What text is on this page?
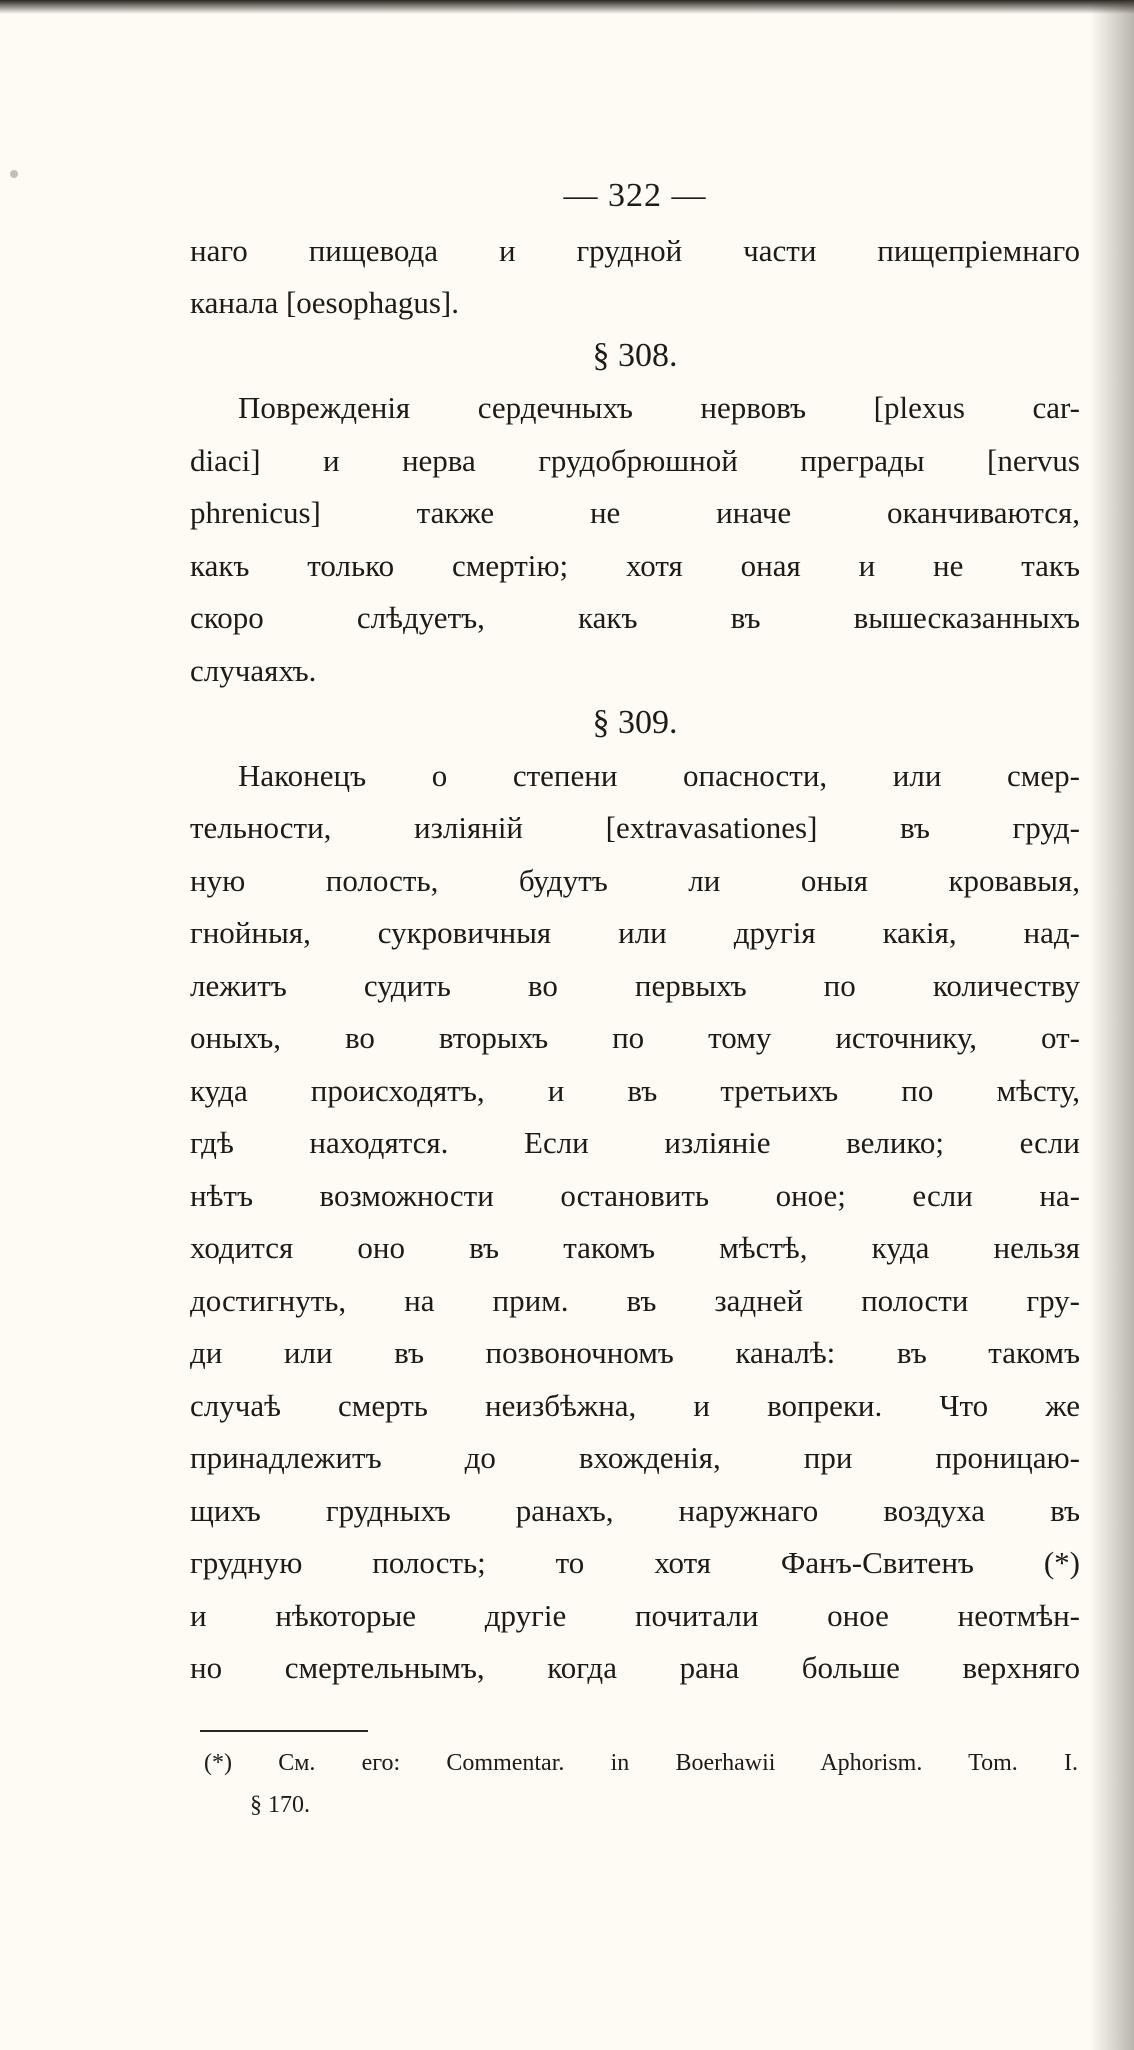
— 322 —
наго пищевода и грудной части пищепріемнаго
канала [oesophagus].
§ 308.
Поврежденія сердечныхъ нервовъ [plexus car-
diaci] и нерва грудобрюшной преграды [nervus
phrenicus] также не иначе оканчиваются,
какъ только смертію; хотя оная и не такъ
скоро слѣдуетъ, какъ въ вышесказанныхъ
случаяхъ.
§ 309.
Наконецъ о степени опасности, или смер-
тельности, изліяній [extravasationes] въ груд-
ную полость, будутъ ли оныя кровавыя,
гнойныя, сукровичныя или другія какія, над-
лежитъ судить во первыхъ по количеству
оныхъ, во вторыхъ по тому источнику, от-
куда происходятъ, и въ третьихъ по мѣсту,
гдѣ находятся. Если изліяніе велико; если
нѣтъ возможности остановить оное; если на-
ходится оно въ такомъ мѣстѣ, куда нельзя
достигнуть, на прим. въ задней полости гру-
ди или въ позвоночномъ каналѣ: въ такомъ
случаѣ смерть неизбѣжна, и вопреки. Что же
принадлежитъ до вхожденія, при проницаю-
щихъ грудныхъ ранахъ, наружнаго воздуха въ
грудную полость; то хотя Фанъ-Свитенъ (*)
и нѣкоторые другіе почитали оное неотмѣн-
но смертельнымъ, когда рана больше верхняго
(*) См. его: Commentar. in Boerhawii Aphorism. Tom. I.
§ 170.
